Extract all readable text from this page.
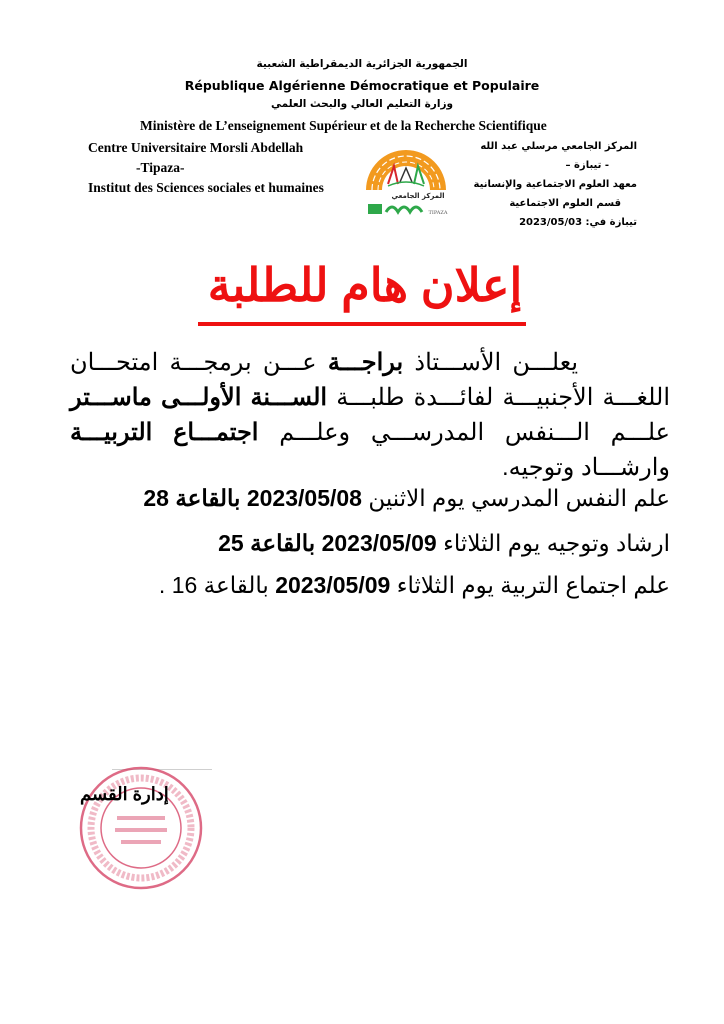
الجمهورية الجزائرية الديمقراطية الشعبية
République Algérienne Démocratique et Populaire
وزارة التعليم العالي والبحث العلمي
Ministère de L’enseignement Supérieur et de la Recherche Scientifique
Centre Universitaire Morsli Abdellah
-Tipaza-
Institut des Sciences sociales et humaines
المركز الجامعي
TIPAZA
المركز الجامعي مرسلي عبد الله
- تيبازة –
معهد العلوم الاجتماعية والإنسانية
قسم العلوم الاجتماعية
تيبازة في: 2023/05/03
إعلان هام للطلبة
يعلـــن الأســـتاذ براجـــة عـــن برمجـــة امتحـــان اللغـــة الأجنبيـــة لفائـــدة طلبـــة الســـنة الأولـــى ماســـتر علـــم الـــنفس المدرســـي وعلـــم اجتمـــاع التربيـــة وارشـــاد وتوجيه.
علم النفس المدرسي يوم الاثنين 2023/05/08 بالقاعة 28
ارشاد وتوجيه يوم الثلاثاء 2023/05/09 بالقاعة 25
علم اجتماع التربية يوم الثلاثاء 2023/05/09 بالقاعة 16 .
إدارة القسم
